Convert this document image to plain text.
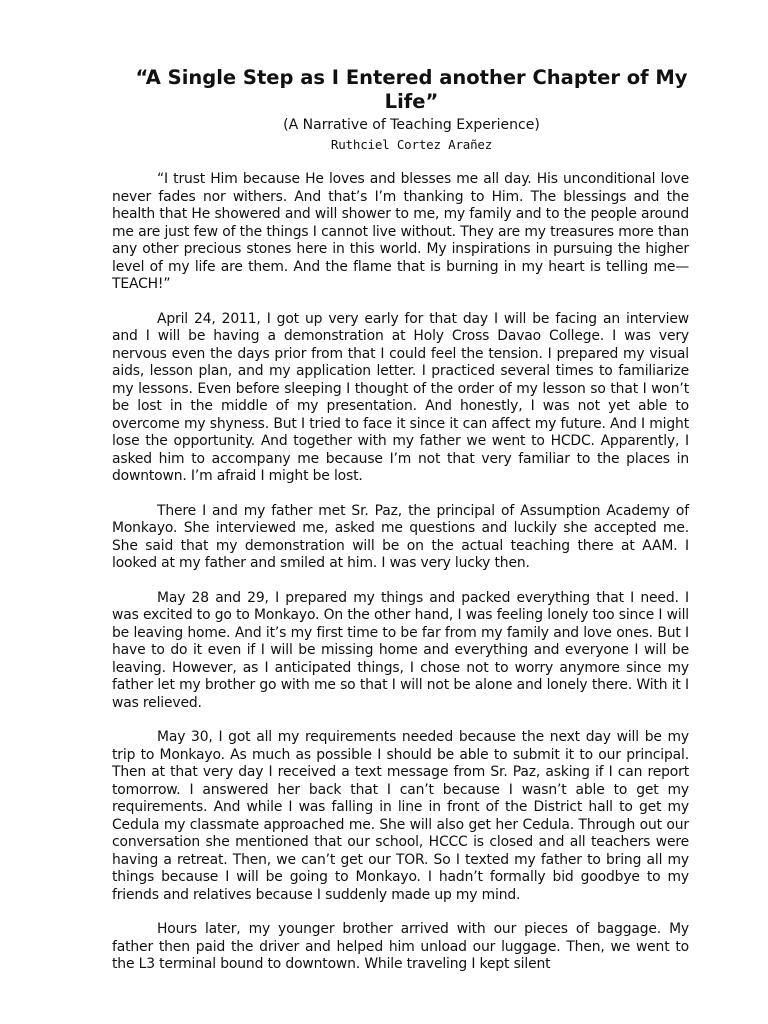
“A Single Step as I Entered another Chapter of My Life”
(A Narrative of Teaching Experience)
Ruthciel Cortez Arañez

“I trust Him because He loves and blesses me all day. His unconditional love never fades nor withers. And that’s I’m thanking to Him. The blessings and the health that He showered and will shower to me, my family and to the people around me are just few of the things I cannot live without. They are my treasures more than any other precious stones here in this world. My inspirations in pursuing the higher level of my life are them. And the flame that is burning in my heart is telling me—TEACH!”

April 24, 2011, I got up very early for that day I will be facing an interview and I will be having a demonstration at Holy Cross Davao College. I was very nervous even the days prior from that I could feel the tension. I prepared my visual aids, lesson plan, and my application letter. I practiced several times to familiarize my lessons. Even before sleeping I thought of the order of my lesson so that I won’t be lost in the middle of my presentation. And honestly, I was not yet able to overcome my shyness. But I tried to face it since it can affect my future. And I might lose the opportunity. And together with my father we went to HCDC. Apparently, I asked him to accompany me because I’m not that very familiar to the places in downtown. I’m afraid I might be lost.

There I and my father met Sr. Paz, the principal of Assumption Academy of Monkayo. She interviewed me, asked me questions and luckily she accepted me. She said that my demonstration will be on the actual teaching there at AAM. I looked at my father and smiled at him. I was very lucky then.

May 28 and 29, I prepared my things and packed everything that I need. I was excited to go to Monkayo. On the other hand, I was feeling lonely too since I will be leaving home. And it’s my first time to be far from my family and love ones. But I have to do it even if I will be missing home and everything and everyone I will be leaving. However, as I anticipated things, I chose not to worry anymore since my father let my brother go with me so that I will not be alone and lonely there. With it I was relieved.

May 30, I got all my requirements needed because the next day will be my trip to Monkayo. As much as possible I should be able to submit it to our principal. Then at that very day I received a text message from Sr. Paz, asking if I can report tomorrow. I answered her back that I can’t because I wasn’t able to get my requirements. And while I was falling in line in front of the District hall to get my Cedula my classmate approached me. She will also get her Cedula. Through out our conversation she mentioned that our school, HCCC is closed and all teachers were having a retreat. Then, we can’t get our TOR. So I texted my father to bring all my things because I will be going to Monkayo. I hadn’t formally bid goodbye to my friends and relatives because I suddenly made up my mind.

Hours later, my younger brother arrived with our pieces of baggage. My father then paid the driver and helped him unload our luggage. Then, we went to the L3 terminal bound to downtown. While traveling I kept silent
